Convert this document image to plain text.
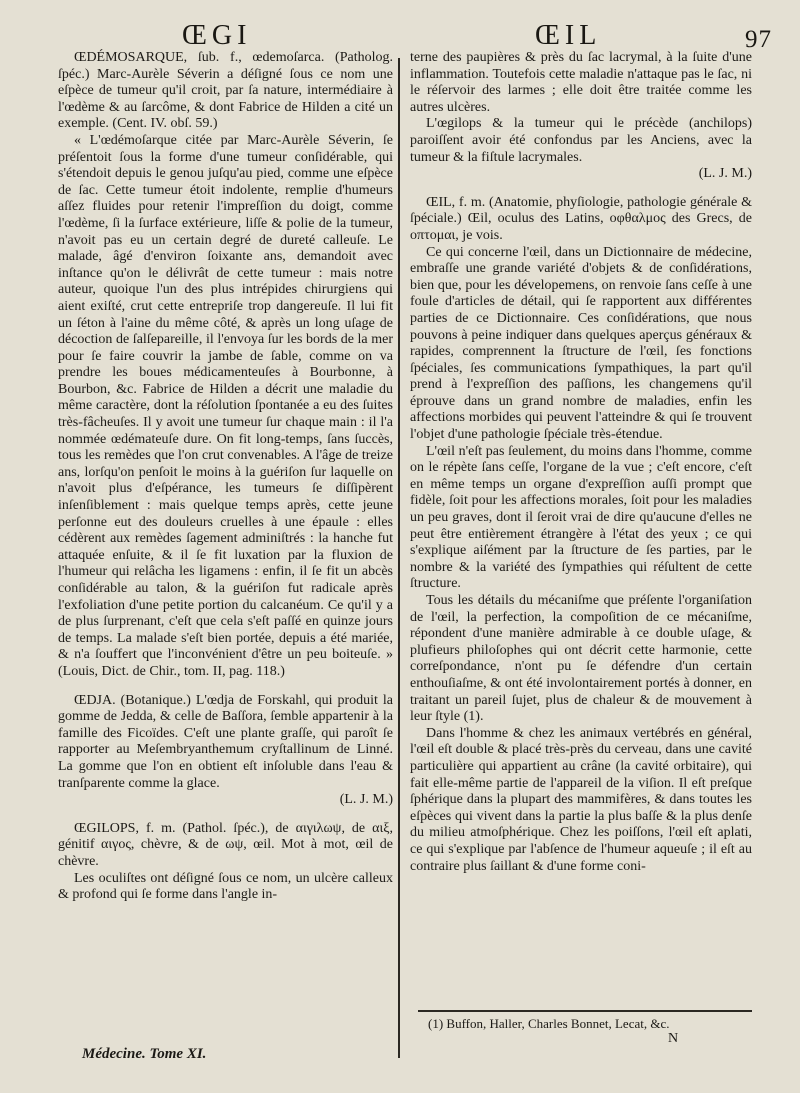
ŒGI	ŒIL	97

ŒDÉMOSARQUE, ſub. f., œdemoſarca. (Patholog. ſpéc.) Marc-Aurèle Séverin a déſigné ſous ce nom une eſpèce de tumeur qu'il croit, par ſa nature, intermédiaire à l'œdème & au ſarcôme, & dont Fabrice de Hilden a cité un exemple. (Cent. IV. obſ. 59.)

« L'œdémoſarque citée par Marc-Aurèle Séverin, ſe préſentoit ſous la forme d'une tumeur conſidérable, qui s'étendoit depuis le genou juſqu'au pied, comme une eſpèce de ſac. Cette tumeur étoit indolente, remplie d'humeurs aſſez fluides pour retenir l'impreſſion du doigt, comme l'œdème, ſi la ſurface extérieure, liſſe & polie de la tumeur, n'avoit pas eu un certain degré de dureté calleuſe. Le malade, âgé d'environ ſoixante ans, demandoit avec inſtance qu'on le délivrât de cette tumeur : mais notre auteur, quoique l'un des plus intrépides chirurgiens qui aient exiſté, crut cette entrepriſe trop dangereuſe. Il lui fit un ſéton à l'aine du même côté, & après un long uſage de décoction de ſalſepareille, il l'envoya ſur les bords de la mer pour ſe faire couvrir la jambe de ſable, comme on va prendre les boues médicamenteuſes à Bourbonne, à Bourbon, &c. Fabrice de Hilden a décrit une maladie du même caractère, dont la réſolution ſpontanée a eu des ſuites très-fâcheuſes. Il y avoit une tumeur ſur chaque main : il l'a nommée œdémateuſe dure. On fit long-temps, ſans ſuccès, tous les remèdes que l'on crut convenables. A l'âge de treize ans, lorſqu'on penſoit le moins à la guériſon ſur laquelle on n'avoit plus d'eſpérance, les tumeurs ſe diſſipèrent inſenſiblement : mais quelque temps après, cette jeune perſonne eut des douleurs cruelles à une épaule : elles cédèrent aux remèdes ſagement adminiſtrés : la hanche fut attaquée enſuite, & il ſe fit luxation par la fluxion de l'humeur qui relâcha les ligamens : enfin, il ſe fit un abcès conſidérable au talon, & la guériſon fut radicale après l'exfoliation d'une petite portion du calcanéum. Ce qu'il y a de plus ſurprenant, c'eſt que cela s'eſt paſſé en quinze jours de temps. La malade s'eſt bien portée, depuis a été mariée, & n'a ſouffert que l'inconvénient d'être un peu boiteuſe. » (Louis, Dict. de Chir., tom. II, pag. 118.)

ŒDJA. (Botanique.) L'œdja de Forskahl, qui produit la gomme de Jedda, & celle de Baſſora, ſemble appartenir à la famille des Ficoïdes. C'eſt une plante graſſe, qui paroît ſe rapporter au Meſembryanthemum cryſtallinum de Linné. La gomme que l'on en obtient eſt inſoluble dans l'eau & tranſparente comme la glace.

(L. J. M.)

ŒGILOPS, f. m. (Pathol. ſpéc.), de αιγιλωψ, de αιξ, génitif αιγος, chèvre, & de ωψ, œil. Mot à mot, œil de chèvre.

Les oculiſtes ont déſigné ſous ce nom, un ulcère calleux & profond qui ſe forme dans l'angle in-

terne des paupières & près du ſac lacrymal, à la ſuite d'une inflammation. Toutefois cette maladie n'attaque pas le ſac, ni le réſervoir des larmes ; elle doit être traitée comme les autres ulcères.

L'œgilops & la tumeur qui le précède (anchilops) paroiſſent avoir été confondus par les Anciens, avec la tumeur & la fiſtule lacrymales.

(L. J. M.)

ŒIL, f. m. (Anatomie, phyſiologie, pathologie générale & ſpéciale.) Œil, oculus des Latins, οφθαλμος des Grecs, de οπτομαι, je vois.

Ce qui concerne l'œil, dans un Dictionnaire de médecine, embraſſe une grande variété d'objets & de conſidérations, bien que, pour les dévelopemens, on renvoie ſans ceſſe à une foule d'articles de détail, qui ſe rapportent aux différentes parties de ce Dictionnaire. Ces conſidérations, que nous pouvons à peine indiquer dans quelques aperçus généraux & rapides, comprennent la ſtructure de l'œil, ſes fonctions ſpéciales, ſes communications ſympathiques, la part qu'il prend à l'expreſſion des paſſions, les changemens qu'il éprouve dans un grand nombre de maladies, enfin les affections morbides qui peuvent l'atteindre & qui ſe trouvent l'objet d'une pathologie ſpéciale très-étendue.

L'œil n'eſt pas ſeulement, du moins dans l'homme, comme on le répète ſans ceſſe, l'organe de la vue ; c'eſt encore, c'eſt en même temps un organe d'expreſſion auſſi prompt que fidèle, ſoit pour les affections morales, ſoit pour les maladies un peu graves, dont il ſeroit vrai de dire qu'aucune d'elles ne peut être entièrement étrangère à l'état des yeux ; ce qui s'explique aiſément par la ſtructure de ſes parties, par le nombre & la variété des ſympathies qui réſultent de cette ſtructure.

Tous les détails du mécaniſme que préſente l'organiſation de l'œil, la perfection, la compoſition de ce mécaniſme, répondent d'une manière admirable à ce double uſage, & plufieurs philoſophes qui ont décrit cette harmonie, cette correſpondance, n'ont pu ſe défendre d'un certain enthouſiaſme, & ont été involontairement portés à donner, en traitant un pareil ſujet, plus de chaleur & de mouvement à leur ſtyle (1).

Dans l'homme & chez les animaux vertébrés en général, l'œil eſt double & placé très-près du cerveau, dans une cavité particulière qui appartient au crâne (la cavité orbitaire), qui fait elle-même partie de l'appareil de la viſion. Il eſt preſque ſphérique dans la plupart des mammifères, & dans toutes les eſpèces qui vivent dans la partie la plus baſſe & la plus denſe du milieu atmoſphérique. Chez les poiſſons, l'œil eſt aplati, ce qui s'explique par l'abſence de l'humeur aqueuſe ; il eſt au contraire plus ſaillant & d'une forme coni-

(1) Buffon, Haller, Charles Bonnet, Lecat, &c.
N
Médecine. Tome XI.
